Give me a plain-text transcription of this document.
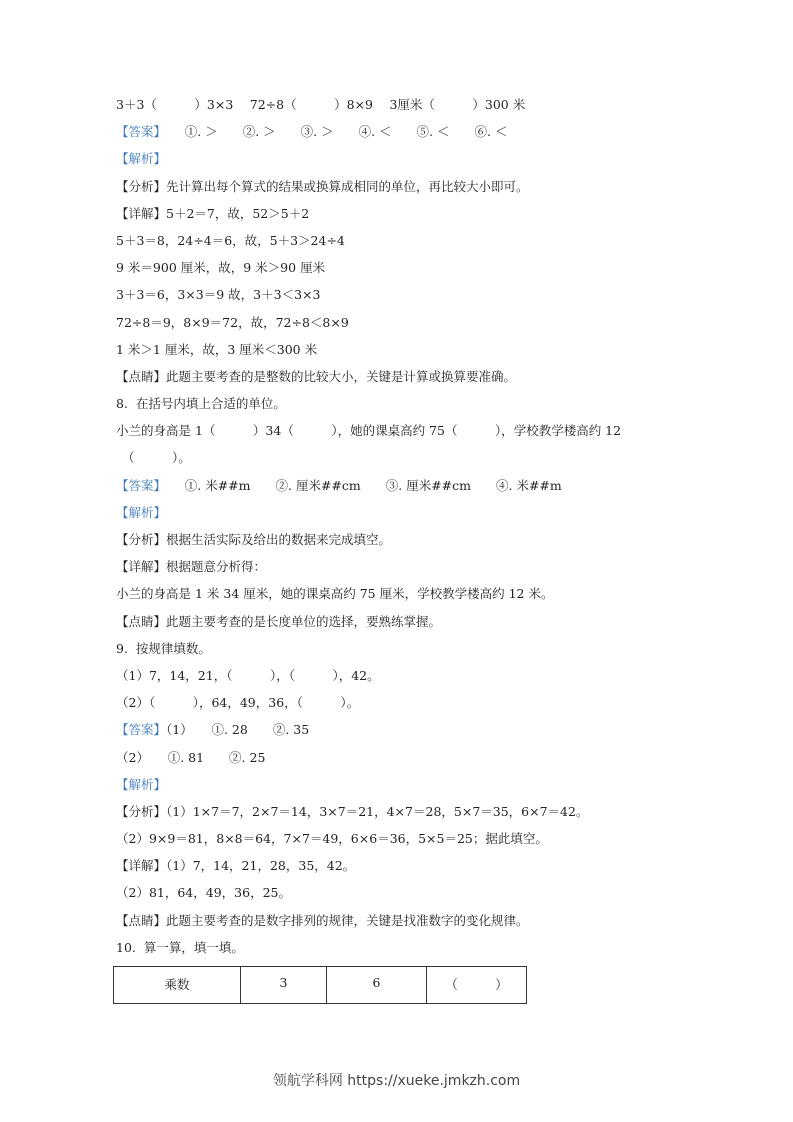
3＋3（　　　）3×3　 72÷8（　　　）8×9　 3厘米（　　　）300 米
【答案】　　①. ＞　　②. ＞　　③. ＞　　④. ＜　　⑤. ＜　　⑥. ＜
【解析】
【分析】先计算出每个算式的结果或换算成相同的单位，再比较大小即可。
【详解】5＋2＝7，故，52＞5＋2
5＋3＝8，24÷4＝6，故，5＋3＞24÷4
9 米＝900 厘米，故，9 米＞90 厘米
3＋3＝6，3×3＝9 故，3＋3＜3×3
72÷8＝9，8×9＝72，故，72÷8＜8×9
1 米＞1 厘米，故，3 厘米＜300 米
【点睛】此题主要考查的是整数的比较大小，关键是计算或换算要准确。
8.  在括号内填上合适的单位。
小兰的身高是 1（　　　）34（　　　），她的课桌高约 75（　　　），学校教学楼高约 12
（　　　）。
【答案】　　①. 米##m　　②. 厘米##cm　　③. 厘米##cm　　④. 米##m
【解析】
【分析】根据生活实际及给出的数据来完成填空。
【详解】根据题意分析得：
小兰的身高是 1 米 34 厘米，她的课桌高约 75 厘米，学校教学楼高约 12 米。
【点睛】此题主要考查的是长度单位的选择，要熟练掌握。
9.  按规律填数。
（1）7，14，21，（　　　），（　　　），42。
（2）（　　　），64，49，36，（　　　）。
【答案】（1）　　①. 28　　②. 35
（2）　　①. 81　　②. 25
【解析】
【分析】（1）1×7＝7，2×7＝14，3×7＝21，4×7＝28，5×7＝35，6×7＝42。
（2）9×9＝81，8×8＝64，7×7＝49，6×6＝36，5×5＝25；据此填空。
【详解】（1）7，14，21，28，35，42。
（2）81，64，49，36，25。
【点睛】此题主要考查的是数字排列的规律，关键是找准数字的变化规律。
10.  算一算，填一填。
乘数	3	6	（　　　）
领航学科网 https://xueke.jmkzh.com
